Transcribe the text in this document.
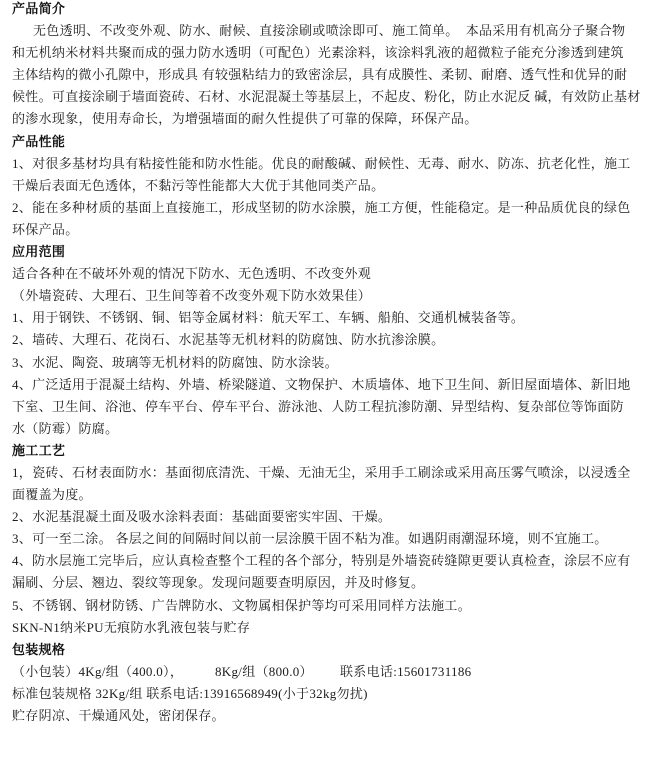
产品简介
无色透明、不改变外观、防水、耐候、直接涂刷或喷涂即可、施工简单。  本品采用有机高分子聚合物
和无机纳米材料共聚而成的强力防水透明（可配色）光素涂料，该涂料乳液的超微粒子能充分渗透到建筑
主体结构的微小孔隙中，形成具 有较强粘结力的致密涂层，具有成膜性、柔韧、耐磨、透气性和优异的耐
候性。可直接涂刷于墙面瓷砖、石材、水泥混凝土等基层上，不起皮、粉化，防止水泥反 碱，有效防止基材
的渗水现象，使用寿命长，为增强墙面的耐久性提供了可靠的保障，环保产品。
产品性能
1、对很多基材均具有粘接性能和防水性能。优良的耐酸碱、耐候性、无毒、耐水、防冻、抗老化性，施工
干燥后表面无色透体，不黏污等性能都大大优于其他同类产品。
2、能在多种材质的基面上直接施工，形成坚韧的防水涂膜，施工方便，性能稳定。是一种品质优良的绿色
环保产品。
应用范围
适合各种在不破坏外观的情况下防水、无色透明、不改变外观
（外墙瓷砖、大理石、卫生间等着不改变外观下防水效果佳）
1、用于钢铁、不锈钢、铜、铝等金属材料：航天军工、车辆、船舶、交通机械装备等。
2、墙砖、大理石、花岗石、水泥基等无机材料的防腐蚀、防水抗渗涂膜。
3、水泥、陶瓷、玻璃等无机材料的防腐蚀、防水涂装。
4、广泛适用于混凝土结构、外墙、桥梁隧道、文物保护、木质墙体、地下卫生间、新旧屋面墙体、新旧地
下室、卫生间、浴池、停车平台、停车平台、游泳池、人防工程抗渗防潮、异型结构、复杂部位等饰面防
水（防霉）防腐。
施工工艺
1，瓷砖、石材表面防水：基面彻底清洗、干燥、无油无尘，采用手工刷涂或采用高压雾气喷涂，以浸透全
面覆盖为度。
2、水泥基混凝土面及吸水涂料表面：基础面要密实牢固、干燥。
3、可一至二涂。 各层之间的间隔时间以前一层涂膜干固不粘为准。如遇阴雨潮湿环境，则不宜施工。
4、防水层施工完毕后，应认真检查整个工程的各个部分，特别是外墙瓷砖缝隙更要认真检查，涂层不应有
漏刷、分层、翘边、裂纹等现象。发现问题要查明原因，并及时修复。
5、不锈钢、钢材防锈、广告牌防水、文物属相保护等均可采用同样方法施工。
SKN-N1纳米PU无痕防水乳液包装与贮存
包装规格

（小包装）4Kg/组（400.0），

8Kg/组（800.0）

联系电话:15601731186

标准包装规格 32Kg/组 联系电话:13916568949(小于32kg勿扰)
贮存阴凉、干燥通风处，密闭保存。
